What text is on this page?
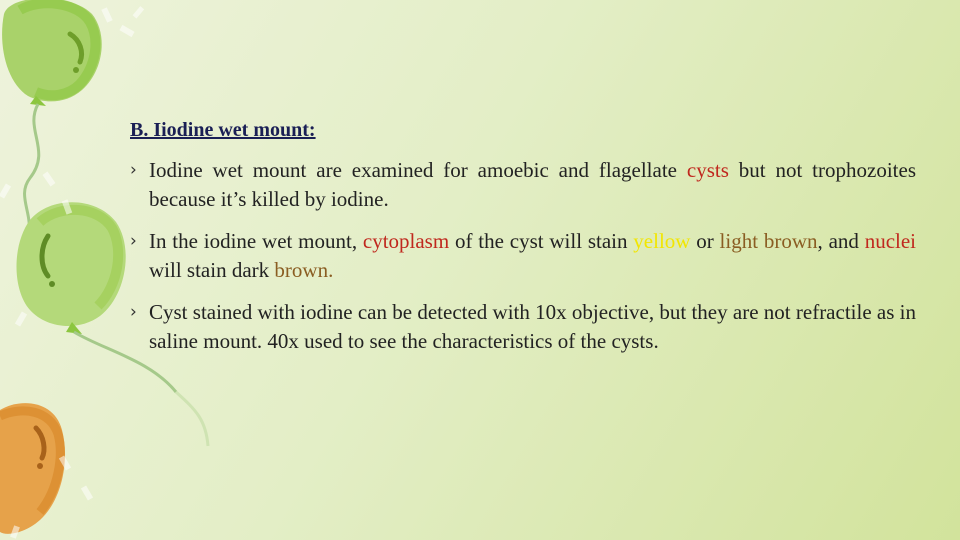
B. Iiodine wet mount:
› Iodine wet mount are examined for amoebic and flagellate cysts but not trophozoites because it’s killed by iodine.
› In the iodine wet mount, cytoplasm of the cyst will stain yellow or light brown, and nuclei will stain dark brown.
› Cyst stained with iodine can be detected with 10x objective, but they are not refractile as in saline mount. 40x used to see the characteristics of the cysts.
